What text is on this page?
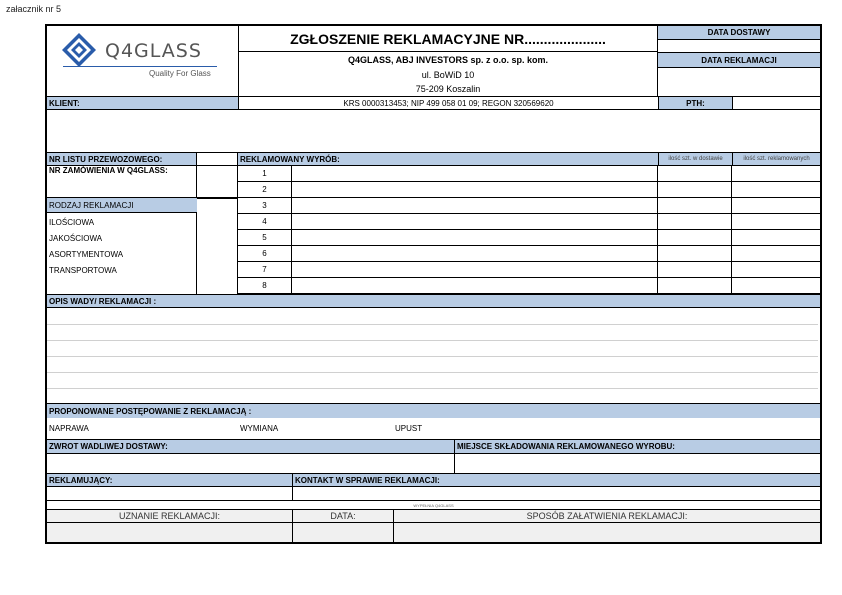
załacznik nr 5
Q4GLASS
Quality For Glass
ZGŁOSZENIE REKLAMACYJNE NR.....................
Q4GLASS, ABJ INVESTORS sp. z o.o. sp. kom.
ul. BoWiD 10
75-209 Koszalin
DATA DOSTAWY
DATA REKLAMACJI
KLIENT:	KRS 0000313453; NIP 499 058 01 09; REGON 320569620	PTH:
NR LISTU PRZEWOZOWEGO:
NR ZAMÓWIENIA W Q4GLASS:
RODZAJ REKLAMACJI
ILOŚCIOWA
JAKOŚCIOWA
ASORTYMENTOWA
TRANSPORTOWA
REKLAMOWANY WYRÓB:	ilość szt. w dostawie	ilość szt. reklamowanych
1
2
3
4
5
6
7
8
OPIS WADY/ REKLAMACJI :
PROPONOWANE POSTĘPOWANIE Z REKLAMACJĄ :
NAPRAWA	WYMIANA	UPUST
ZWROT WADLIWEJ DOSTAWY:	MIEJSCE SKŁADOWANIA REKLAMOWANEGO WYROBU:
REKLAMUJĄCY:	KONTAKT W SPRAWIE REKLAMACJI:
WYPEŁNIA Q4GLASS
UZNANIE REKLAMACJI:	DATA:	SPOSÓB ZAŁATWIENIA REKLAMACJI:
